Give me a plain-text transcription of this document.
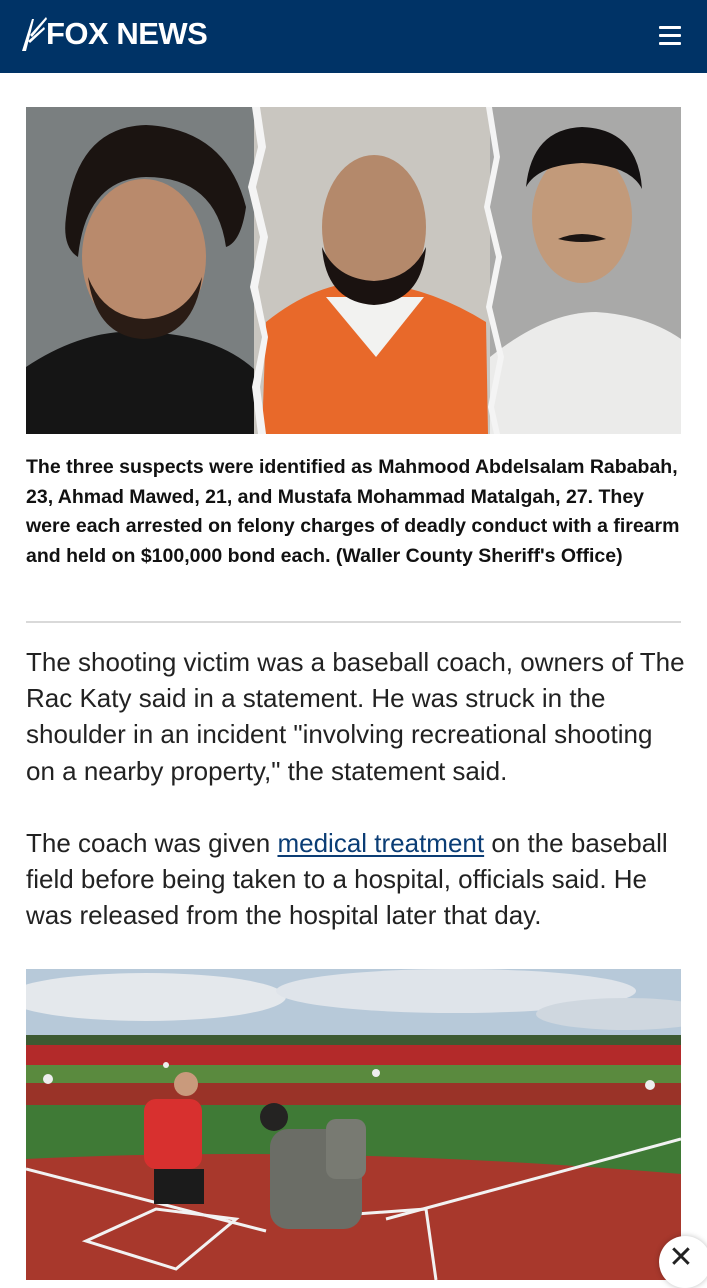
FOX NEWS

The three suspects were identified as Mahmood Abdelsalam Rababah, 23, Ahmad Mawed, 21, and Mustafa Mohammad Matalgah, 27. They were each arrested on felony charges of deadly conduct with a firearm and held on $100,000 bond each. (Waller County Sheriff's Office)

The shooting victim was a baseball coach, owners of The Rac Katy said in a statement. He was struck in the shoulder in an incident "involving recreational shooting on a nearby property," the statement said.

The coach was given medical treatment on the baseball field before being taken to a hospital, officials said. He was released from the hospital later that day.

✕
